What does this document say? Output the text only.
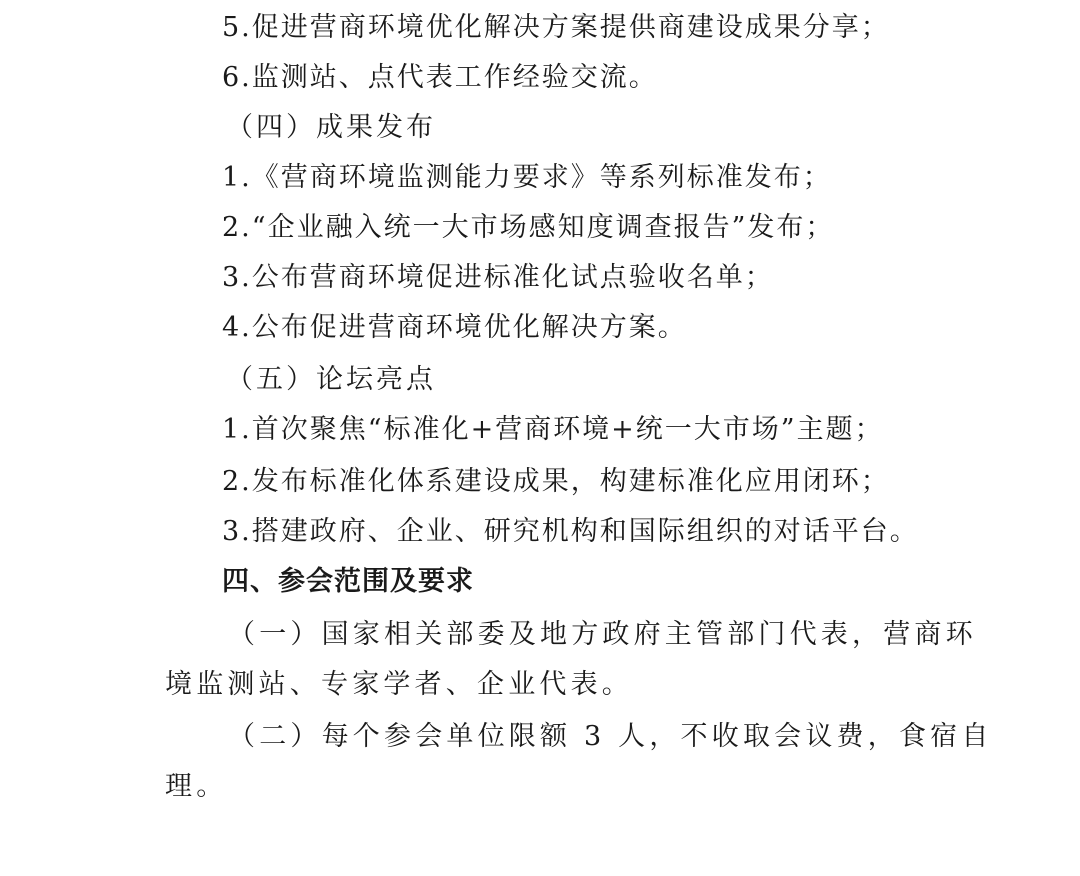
5.促进营商环境优化解决方案提供商建设成果分享；
6.监测站、点代表工作经验交流。
（四）成果发布
1.《营商环境监测能力要求》等系列标准发布；
2.“企业融入统一大市场感知度调查报告”发布；
3.公布营商环境促进标准化试点验收名单；
4.公布促进营商环境优化解决方案。
（五）论坛亮点
1.首次聚焦“标准化+营商环境+统一大市场”主题；
2.发布标准化体系建设成果，构建标准化应用闭环；
3.搭建政府、企业、研究机构和国际组织的对话平台。
四、参会范围及要求
（一）国家相关部委及地方政府主管部门代表，营商环
境监测站、专家学者、企业代表。
（二）每个参会单位限额 3 人，不收取会议费，食宿自
理。
